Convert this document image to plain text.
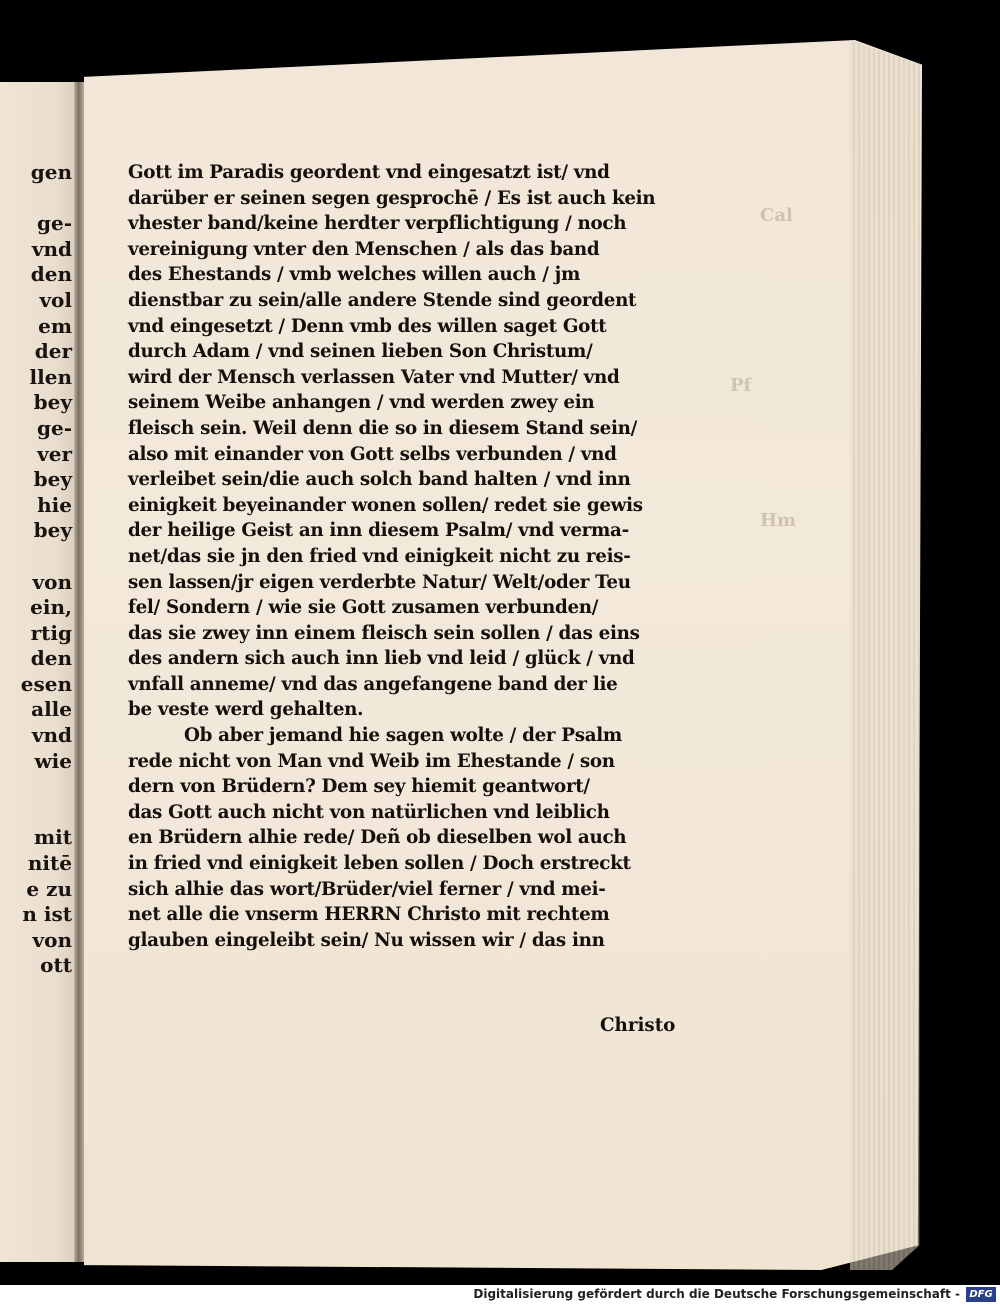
gen
ge-
vnd
den
vol
em
der
llen
bey
ge-
ver
bey
hie
bey
von
ein,
rtig
den
esen
alle
vnd
wie
mit
nitē
e zu
n ist
von
ott
Cal
Pf
Hm
Gott im Paradis geordent vnd eingesatzt ist/ vnd
darüber er seinen segen gesprochē / Es ist auch kein
vhester band/keine herdter verpflichtigung / noch
vereinigung vnter den Menschen / als das band
des Ehestands / vmb welches willen auch / jm
dienstbar zu sein/alle andere Stende sind geordent
vnd eingesetzt / Denn vmb des willen saget Gott
durch Adam / vnd seinen lieben Son Christum/
wird der Mensch verlassen Vater vnd Mutter/ vnd
seinem Weibe anhangen / vnd werden zwey ein
fleisch sein. Weil denn die so in diesem Stand sein/
also mit einander von Gott selbs verbunden / vnd
verleibet sein/die auch solch band halten / vnd inn
einigkeit beyeinander wonen sollen/ redet sie gewis
der heilige Geist an inn diesem Psalm/ vnd verma-
net/das sie jn den fried vnd einigkeit nicht zu reis-
sen lassen/jr eigen verderbte Natur/ Welt/oder Teu
fel/ Sondern / wie sie Gott zusamen verbunden/
das sie zwey inn einem fleisch sein sollen / das eins
des andern sich auch inn lieb vnd leid / glück / vnd
vnfall anneme/ vnd das angefangene band der lie
be veste werd gehalten.
Ob aber jemand hie sagen wolte / der Psalm
rede nicht von Man vnd Weib im Ehestande / son
dern von Brüdern? Dem sey hiemit geantwort/
das Gott auch nicht von natürlichen vnd leiblich
en Brüdern alhie rede/ Deñ ob dieselben wol auch
in fried vnd einigkeit leben sollen / Doch erstreckt
sich alhie das wort/Brüder/viel ferner / vnd mei-
net alle die vnserm HERRN Christo mit rechtem
glauben eingeleibt sein/ Nu wissen wir / das inn
Christo
Digitalisierung gefördert durch die Deutsche Forschungsgemeinschaft - DFG
